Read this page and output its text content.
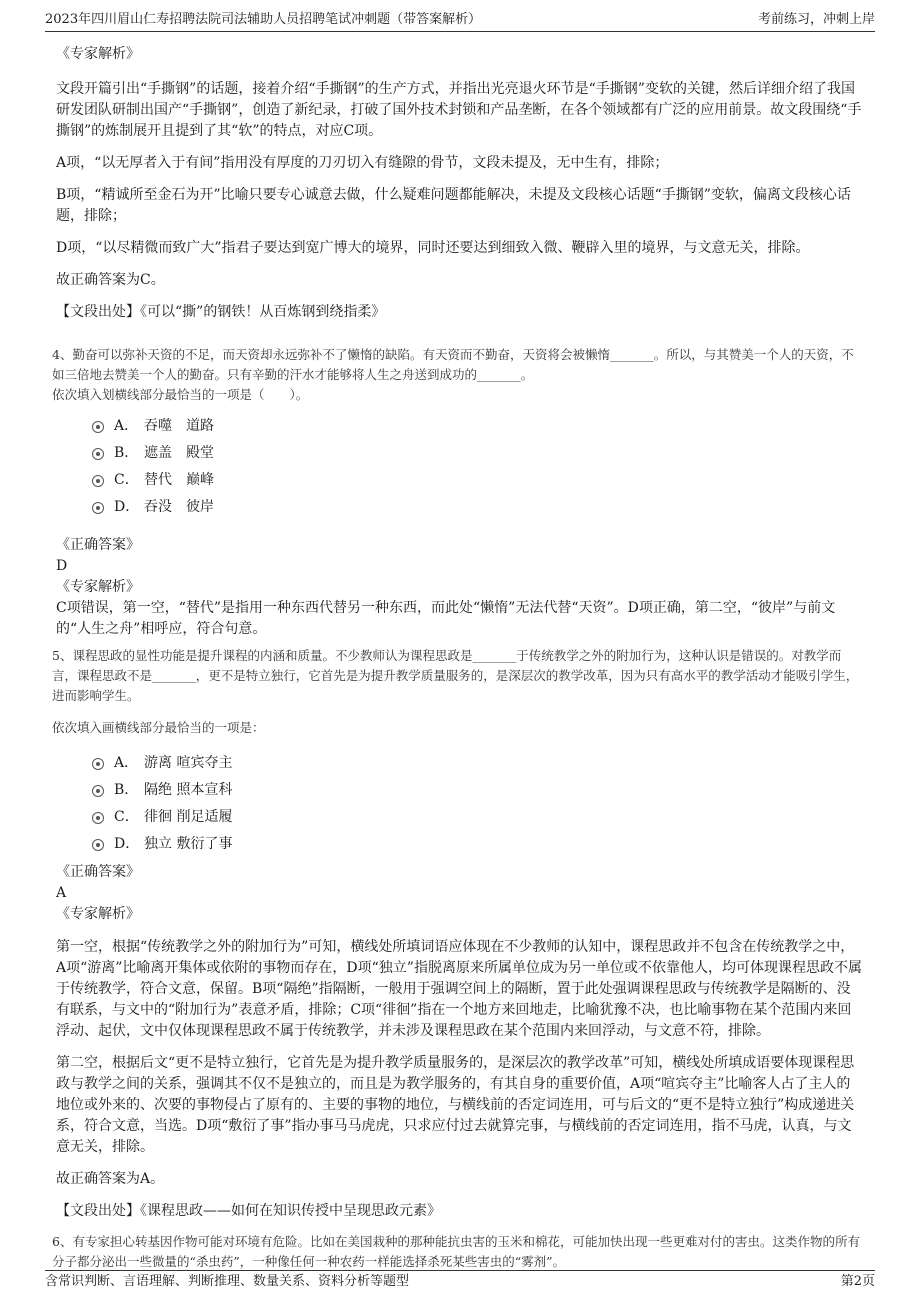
2023年四川眉山仁寿招聘法院司法辅助人员招聘笔试冲刺题（带答案解析）	考前练习，冲刺上岸

《专家解析》

文段开篇引出“手撕钢”的话题，接着介绍“手撕钢”的生产方式，并指出光亮退火环节是“手撕钢”变软的关键，然后详细介绍了我国研发团队研制出国产“手撕钢”，创造了新纪录，打破了国外技术封锁和产品垄断，在各个领域都有广泛的应用前景。故文段围绕“手撕钢”的炼制展开且提到了其“软”的特点，对应C项。

A项，“以无厚者入于有间”指用没有厚度的刀刃切入有缝隙的骨节，文段未提及，无中生有，排除；

B项，“精诚所至金石为开”比喻只要专心诚意去做，什么疑难问题都能解决，未提及文段核心话题“手撕钢”变软，偏离文段核心话题，排除；

D项，“以尽精微而致广大”指君子要达到宽广博大的境界，同时还要达到细致入微、鞭辟入里的境界，与文意无关，排除。

故正确答案为C。

【文段出处】《可以“撕”的钢铁！从百炼钢到绕指柔》

4、勤奋可以弥补天资的不足，而天资却永远弥补不了懒惰的缺陷。有天资而不勤奋，天资将会被懒惰_______。所以，与其赞美一个人的天资，不如三倍地去赞美一个人的勤奋。只有辛勤的汗水才能够将人生之舟送到成功的_______。

依次填入划横线部分最恰当的一项是（　　）。

A． 吞噬　道路
B． 遮盖　殿堂
C． 替代　巅峰
D． 吞没　彼岸

《正确答案》

D

《专家解析》

C项错误，第一空，“替代”是指用一种东西代替另一种东西，而此处“懒惰”无法代替“天资”。D项正确，第二空，“彼岸”与前文的“人生之舟”相呼应，符合句意。

5、课程思政的显性功能是提升课程的内涵和质量。不少教师认为课程思政是_______于传统教学之外的附加行为，这种认识是错误的。对教学而言，课程思政不是_______，更不是特立独行，它首先是为提升教学质量服务的，是深层次的教学改革，因为只有高水平的教学活动才能吸引学生，进而影响学生。

依次填入画横线部分最恰当的一项是：

A． 游离 喧宾夺主
B． 隔绝 照本宣科
C． 徘徊 削足适履
D． 独立 敷衍了事

《正确答案》

A

《专家解析》

第一空，根据“传统教学之外的附加行为”可知，横线处所填词语应体现在不少教师的认知中，课程思政并不包含在传统教学之中，A项“游离”比喻离开集体或依附的事物而存在，D项“独立”指脱离原来所属单位成为另一单位或不依靠他人，均可体现课程思政不属于传统教学，符合文意，保留。B项“隔绝”指隔断，一般用于强调空间上的隔断，置于此处强调课程思政与传统教学是隔断的、没有联系，与文中的“附加行为”表意矛盾，排除；C项“徘徊”指在一个地方来回地走，比喻犹豫不决，也比喻事物在某个范围内来回浮动、起伏，文中仅体现课程思政不属于传统教学，并未涉及课程思政在某个范围内来回浮动，与文意不符，排除。

第二空，根据后文“更不是特立独行，它首先是为提升教学质量服务的，是深层次的教学改革”可知，横线处所填成语要体现课程思政与教学之间的关系，强调其不仅不是独立的，而且是为教学服务的，有其自身的重要价值，A项“喧宾夺主”比喻客人占了主人的地位或外来的、次要的事物侵占了原有的、主要的事物的地位，与横线前的否定词连用，可与后文的“更不是特立独行”构成递进关系，符合文意，当选。D项“敷衍了事”指办事马马虎虎，只求应付过去就算完事，与横线前的否定词连用，指不马虎，认真，与文意无关，排除。

故正确答案为A。

【文段出处】《课程思政——如何在知识传授中呈现思政元素》

6、有专家担心转基因作物可能对环境有危险。比如在美国栽种的那种能抗虫害的玉米和棉花，可能加快出现一些更难对付的害虫。这类作物的所有分子都分泌出一些微量的“杀虫药”，一种像任何一种农药一样能选择杀死某些害虫的“雾剂”。

含常识判断、言语理解、判断推理、数量关系、资料分析等题型	第2页
